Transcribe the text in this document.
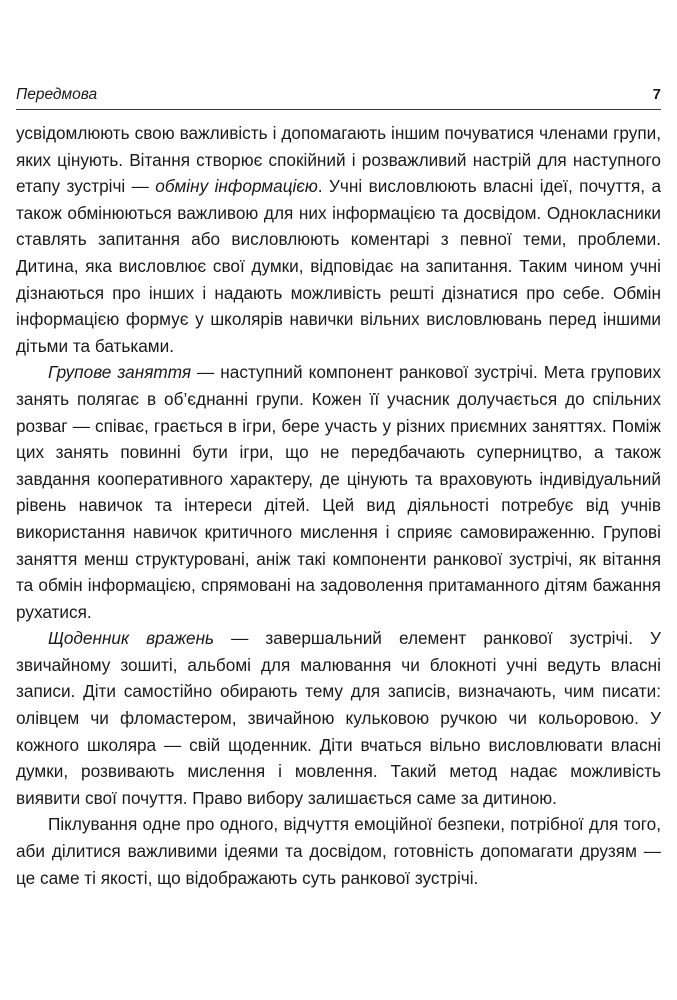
Передмова	7

усвідомлюють свою важливість і допомагають іншим почуватися членами групи, яких цінують. Вітання створює спокійний і розважливий настрій для наступного етапу зустрічі — обміну інформацією. Учні висловлюють власні ідеї, почуття, а також обмінюються важливою для них інформацією та досвідом. Однокласники ставлять запитання або висловлюють коментарі з певної теми, проблеми. Дитина, яка висловлює свої думки, відповідає на запитання. Таким чином учні дізнаються про інших і надають можливість решті дізнатися про себе. Обмін інформацією формує у школярів навички вільних висловлювань перед іншими дітьми та батьками.

Групове заняття — наступний компонент ранкової зустрічі. Мета групових занять полягає в об’єднанні групи. Кожен її учасник долучається до спільних розваг — співає, грається в ігри, бере участь у різних приємних заняттях. Поміж цих занять повинні бути ігри, що не передбачають суперництво, а також завдання кооперативного характеру, де цінують та враховують індивідуальний рівень навичок та інтереси дітей. Цей вид діяльності потребує від учнів використання навичок критичного мислення і сприяє самовираженню. Групові заняття менш структуровані, аніж такі компоненти ранкової зустрічі, як вітання та обмін інформацією, спрямовані на задоволення притаманного дітям бажання рухатися.

Щоденник вражень — завершальний елемент ранкової зустрічі. У звичайному зошиті, альбомі для малювання чи блокноті учні ведуть власні записи. Діти самостійно обирають тему для записів, визначають, чим писати: олівцем чи фломастером, звичайною кульковою ручкою чи кольоровою. У кожного школяра — свій щоденник. Діти вчаться вільно висловлювати власні думки, розвивають мислення і мовлення. Такий метод надає можливість виявити свої почуття. Право вибору залишається саме за дитиною.

Піклування одне про одного, відчуття емоційної безпеки, потрібної для того, аби ділитися важливими ідеями та досвідом, готовність допомагати друзям — це саме ті якості, що відображають суть ранкової зустрічі.
